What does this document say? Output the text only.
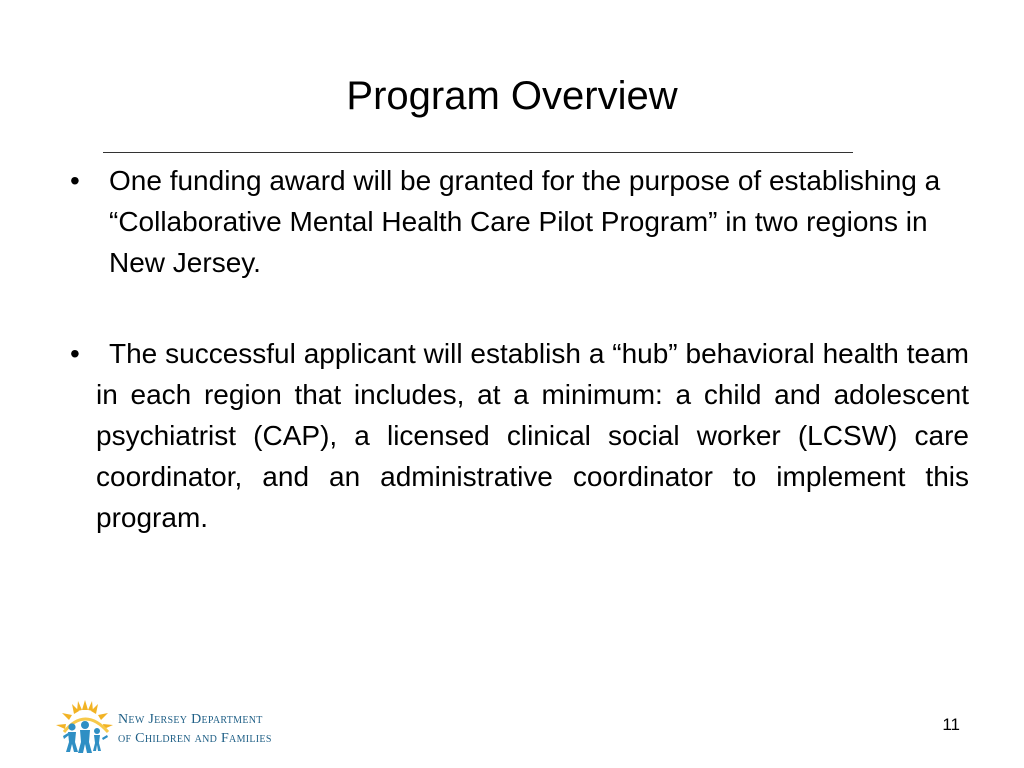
Program Overview
• One funding award will be granted for the purpose of establishing a “Collaborative Mental Health Care Pilot Program” in two regions in New Jersey.
•	The successful applicant will establish a “hub” behavioral health team in each region that includes, at a minimum: a child and adolescent psychiatrist (CAP), a licensed clinical social worker (LCSW) care coordinator, and an administrative coordinator to implement this program.
New Jersey Department
of Children and Families
11
